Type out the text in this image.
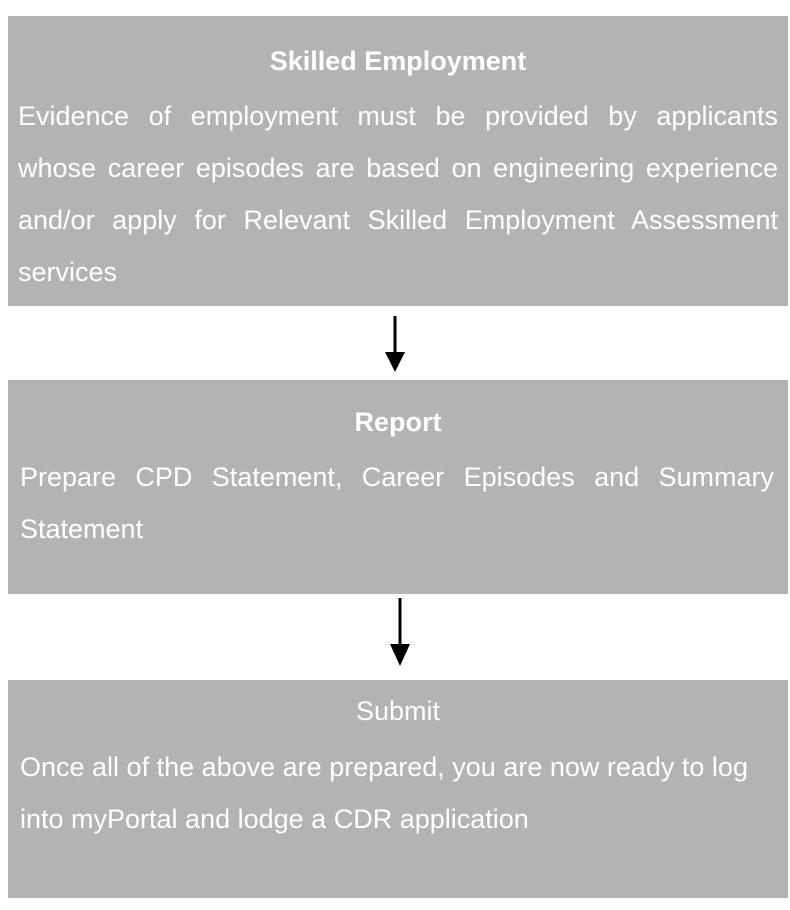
Skilled Employment

Evidence of employment must be provided by applicants whose career episodes are based on engineering experience and/or apply for Relevant Skilled Employment Assessment services

Report

Prepare CPD Statement, Career Episodes and Summary Statement

Submit

Once all of the above are prepared, you are now ready to log into myPortal and lodge a CDR application
